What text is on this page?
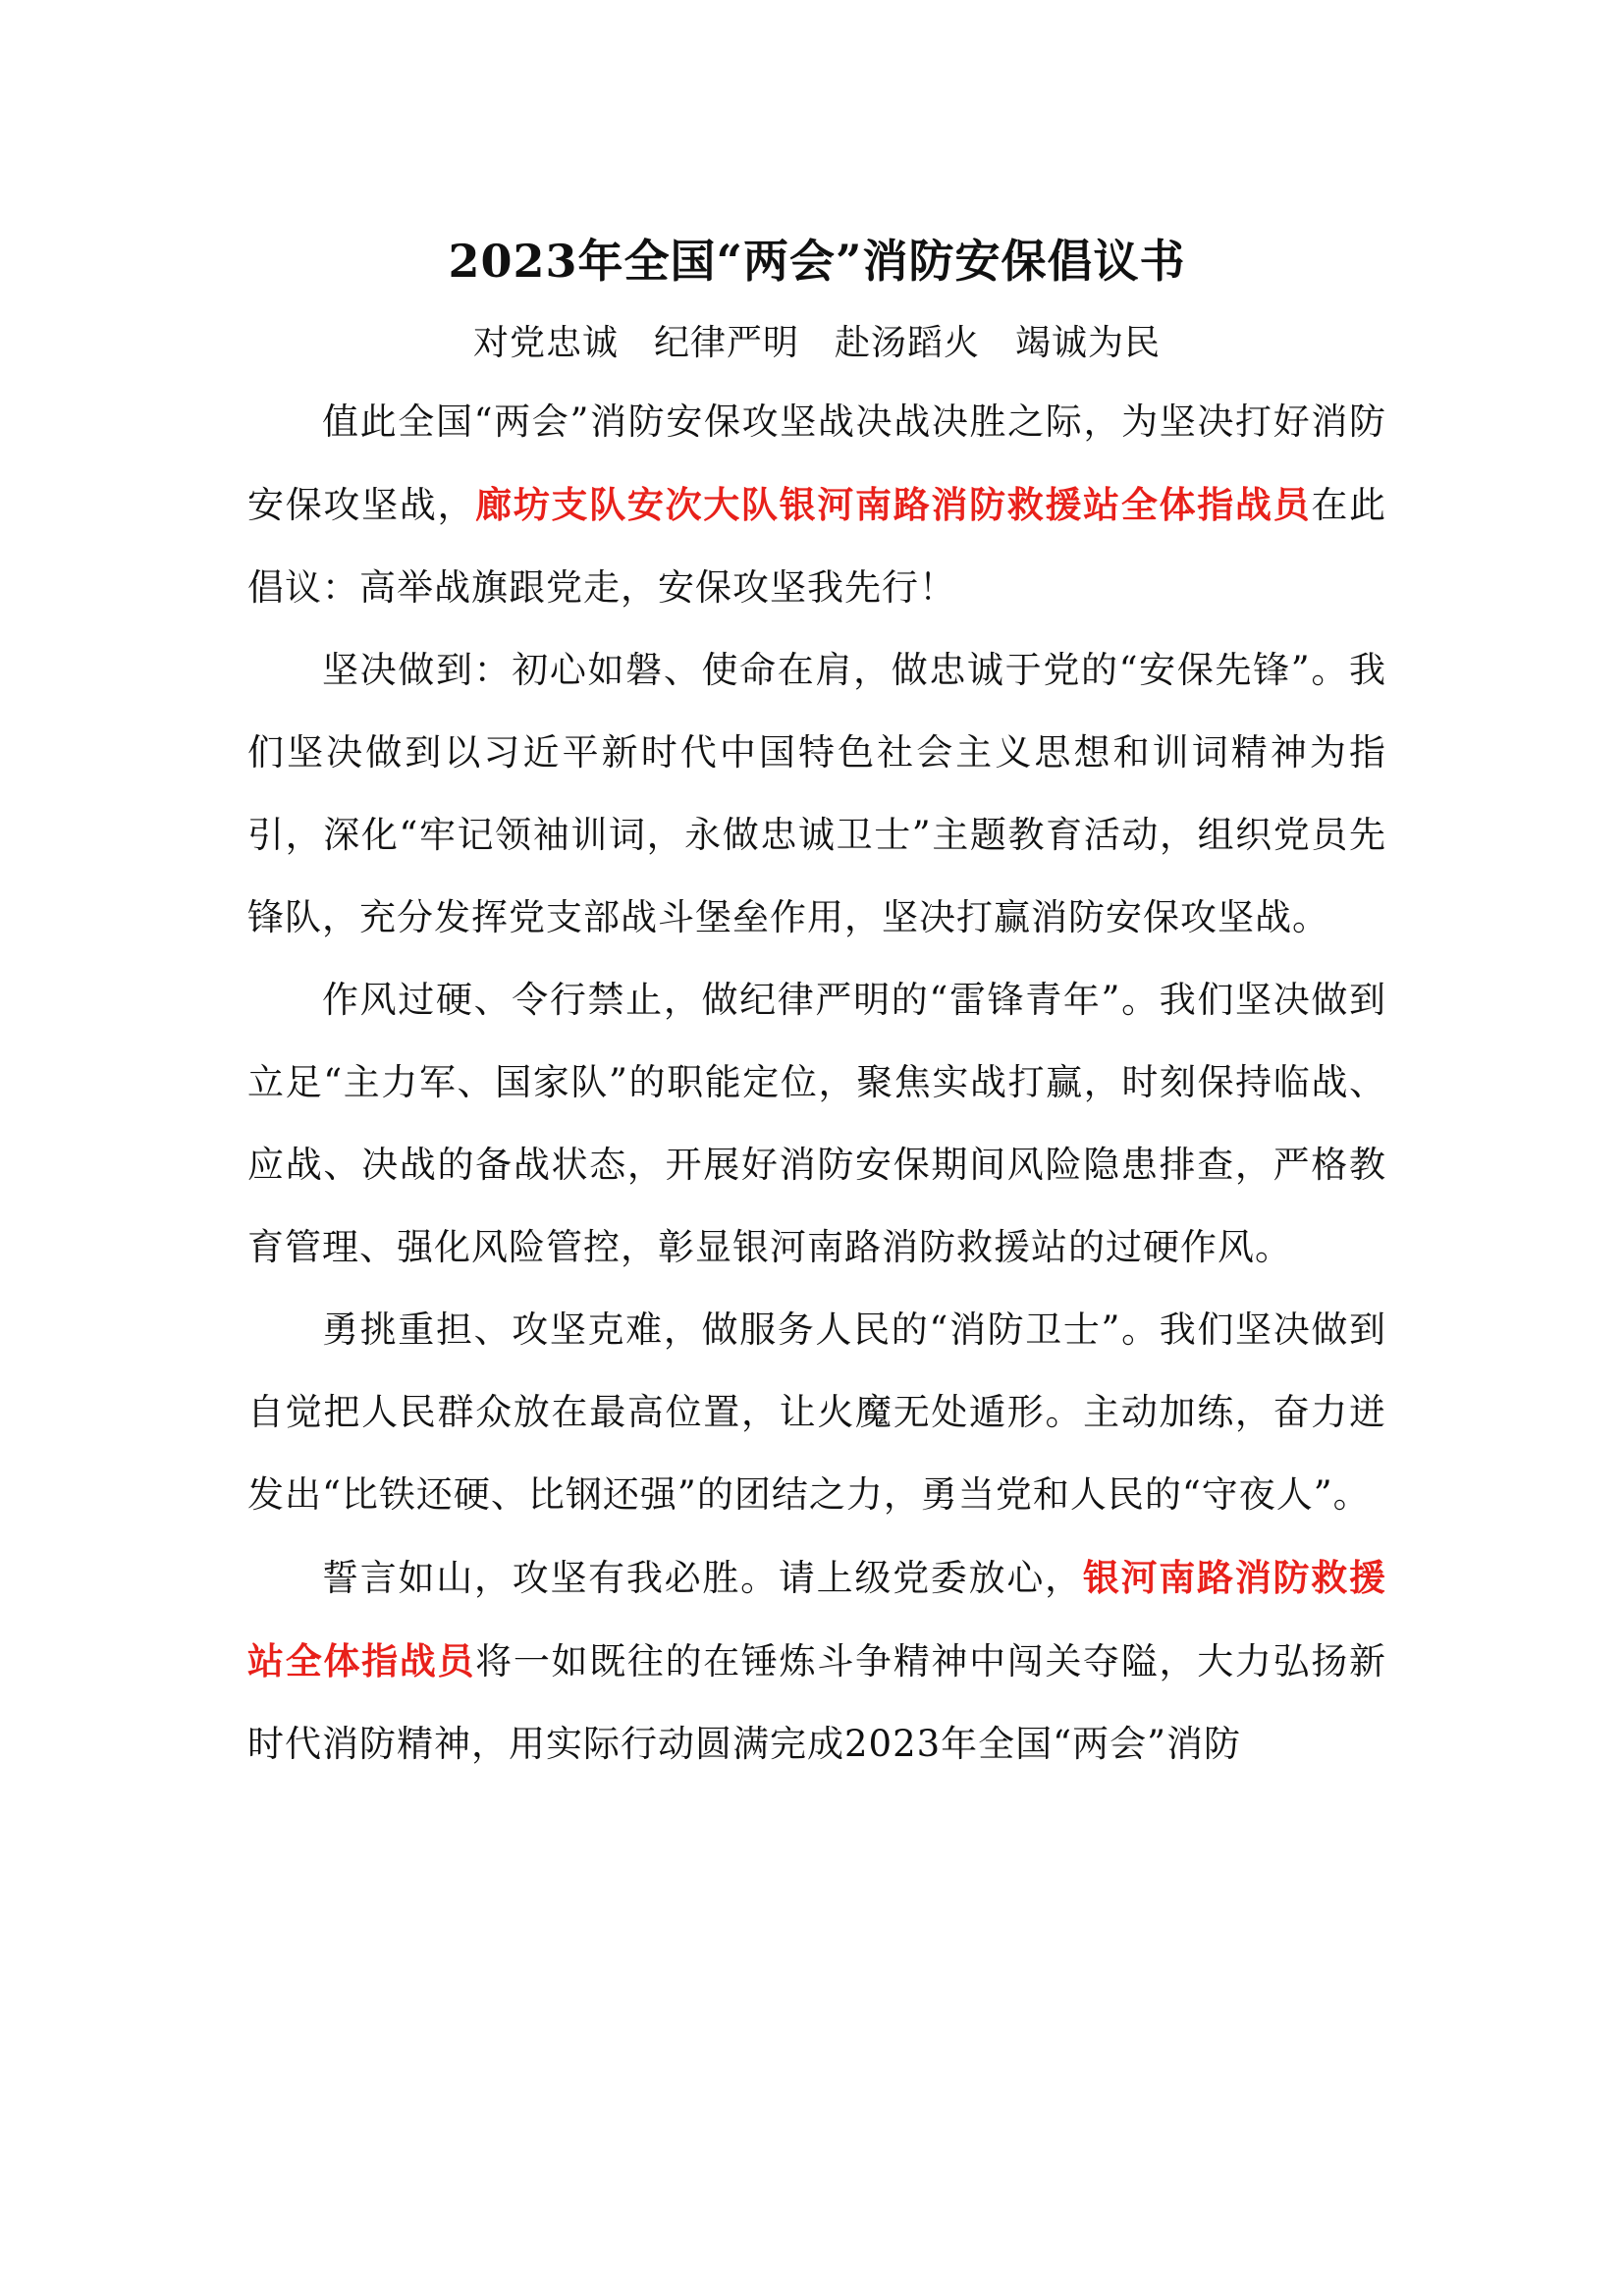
2023年全国“两会”消防安保倡议书
对党忠诚 纪律严明 赴汤蹈火 竭诚为民

值此全国“两会”消防安保攻坚战决战决胜之际，为坚决打好消防安保攻坚战，廊坊支队安次大队银河南路消防救援站全体指战员在此倡议：高举战旗跟党走，安保攻坚我先行！

坚决做到：初心如磐、使命在肩，做忠诚于党的“安保先锋”。我们坚决做到以习近平新时代中国特色社会主义思想和训词精神为指引，深化“牢记领袖训词，永做忠诚卫士”主题教育活动，组织党员先锋队，充分发挥党支部战斗堡垒作用，坚决打赢消防安保攻坚战。

作风过硬、令行禁止，做纪律严明的“雷锋青年”。我们坚决做到立足“主力军、国家队”的职能定位，聚焦实战打赢，时刻保持临战、应战、决战的备战状态，开展好消防安保期间风险隐患排查，严格教育管理、强化风险管控，彰显银河南路消防救援站的过硬作风。

勇挑重担、攻坚克难，做服务人民的“消防卫士”。我们坚决做到自觉把人民群众放在最高位置，让火魔无处遁形。主动加练，奋力迸发出“比铁还硬、比钢还强”的团结之力，勇当党和人民的“守夜人”。

誓言如山，攻坚有我必胜。请上级党委放心，银河南路消防救援站全体指战员将一如既往的在锤炼斗争精神中闯关夺隘，大力弘扬新时代消防精神，用实际行动圆满完成2023年全国“两会”消防
